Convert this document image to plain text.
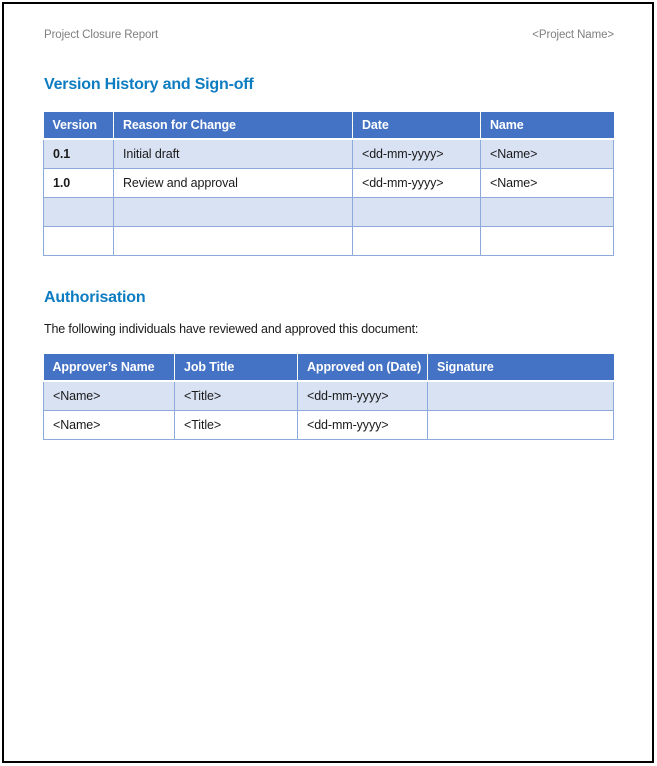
Project Closure Report	<Project Name>
Version History and Sign-off
Version	Reason for Change	Date	Name
0.1	Initial draft	<dd-mm-yyyy>	<Name>
1.0	Review and approval	<dd-mm-yyyy>	<Name>

Authorisation

The following individuals have reviewed and approved this document:

Approver’s Name	Job Title	Approved on (Date)	Signature
<Name>	<Title>	<dd-mm-yyyy>	
<Name>	<Title>	<dd-mm-yyyy>	
